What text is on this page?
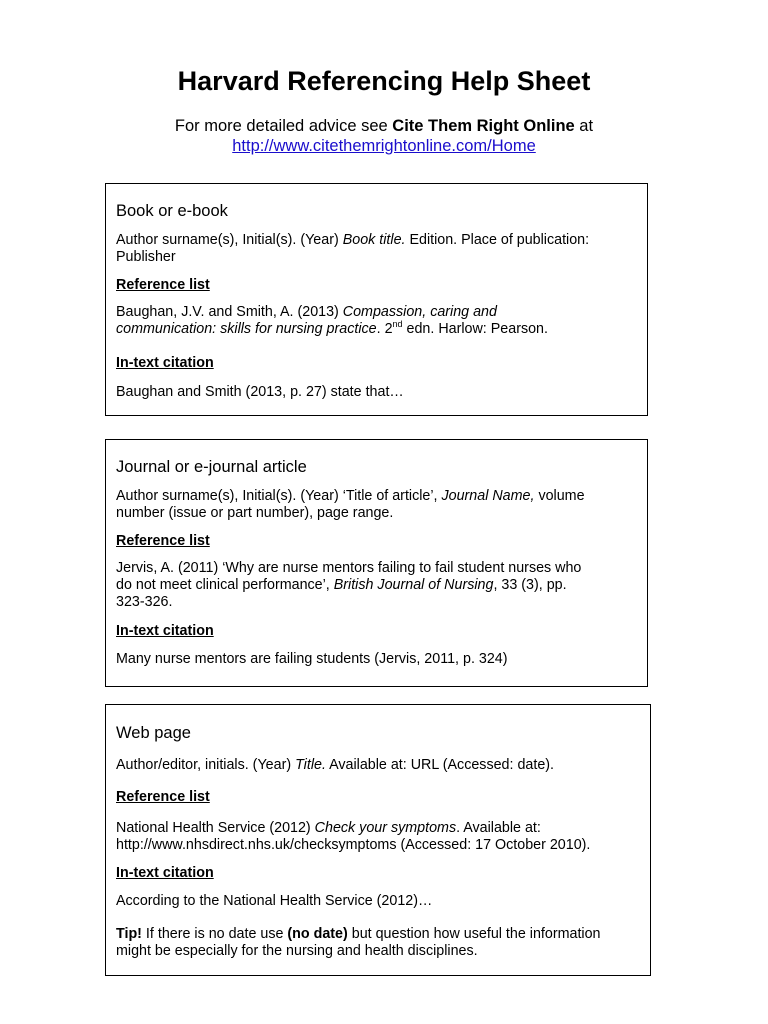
Harvard Referencing Help Sheet
For more detailed advice see Cite Them Right Online at
http://www.citethemrightonline.com/Home

Book or e-book

Author surname(s), Initial(s). (Year) Book title. Edition. Place of publication:
Publisher

Reference list

Baughan, J.V. and Smith, A. (2013) Compassion, caring and
communication: skills for nursing practice. 2nd edn. Harlow: Pearson.

In-text citation

Baughan and Smith (2013, p. 27) state that…

Journal or e-journal article

Author surname(s), Initial(s). (Year) ‘Title of article’, Journal Name, volume
number (issue or part number), page range.

Reference list

Jervis, A. (2011) ‘Why are nurse mentors failing to fail student nurses who
do not meet clinical performance’, British Journal of Nursing, 33 (3), pp.
323-326.

In-text citation

Many nurse mentors are failing students (Jervis, 2011, p. 324)

Web page

Author/editor, initials. (Year) Title. Available at: URL (Accessed: date).

Reference list

National Health Service (2012) Check your symptoms. Available at:
http://www.nhsdirect.nhs.uk/checksymptoms (Accessed: 17 October 2010).

In-text citation

According to the National Health Service (2012)…

Tip! If there is no date use (no date) but question how useful the information
might be especially for the nursing and health disciplines.
